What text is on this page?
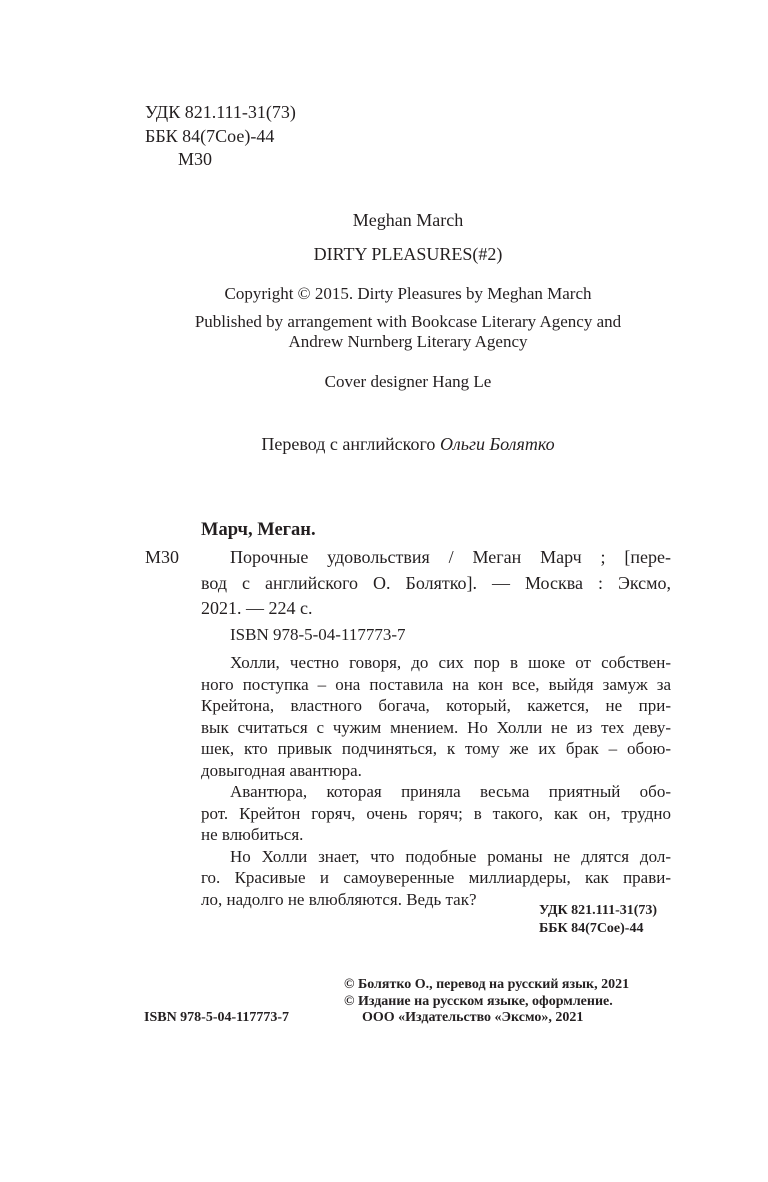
УДК 821.111-31(73)
ББК 84(7Сое)-44
М30
Meghan March
DIRTY PLEASURES(#2)
Copyright © 2015. Dirty Pleasures by Meghan March
Published by arrangement with Bookcase Literary Agency and
Andrew Nurnberg Literary Agency
Cover designer Hang Le
Перевод с английского Ольги Болятко
Марч, Меган.
М30	Порочные удовольствия / Меган Марч ; [пере-
вод с английского О. Болятко]. — Москва : Эксмо,
2021. — 224 с.
ISBN 978-5-04-117773-7
Холли, честно говоря, до сих пор в шоке от собствен-
ного поступка – она поставила на кон все, выйдя замуж за
Крейтона, властного богача, который, кажется, не при-
вык считаться с чужим мнением. Но Холли не из тех деву-
шек, кто привык подчиняться, к тому же их брак – обою-
довыгодная авантюра.
Авантюра, которая приняла весьма приятный обо-
рот. Крейтон горяч, очень горяч; в такого, как он, трудно
не влюбиться.
Но Холли знает, что подобные романы не длятся дол-
го. Красивые и самоуверенные миллиардеры, как прави-
ло, надолго не влюбляются. Ведь так?
УДК 821.111-31(73)
ББК 84(7Сое)-44
© Болятко О., перевод на русский язык, 2021
© Издание на русском языке, оформление.
ISBN 978-5-04-117773-7	ООО «Издательство «Эксмо», 2021
